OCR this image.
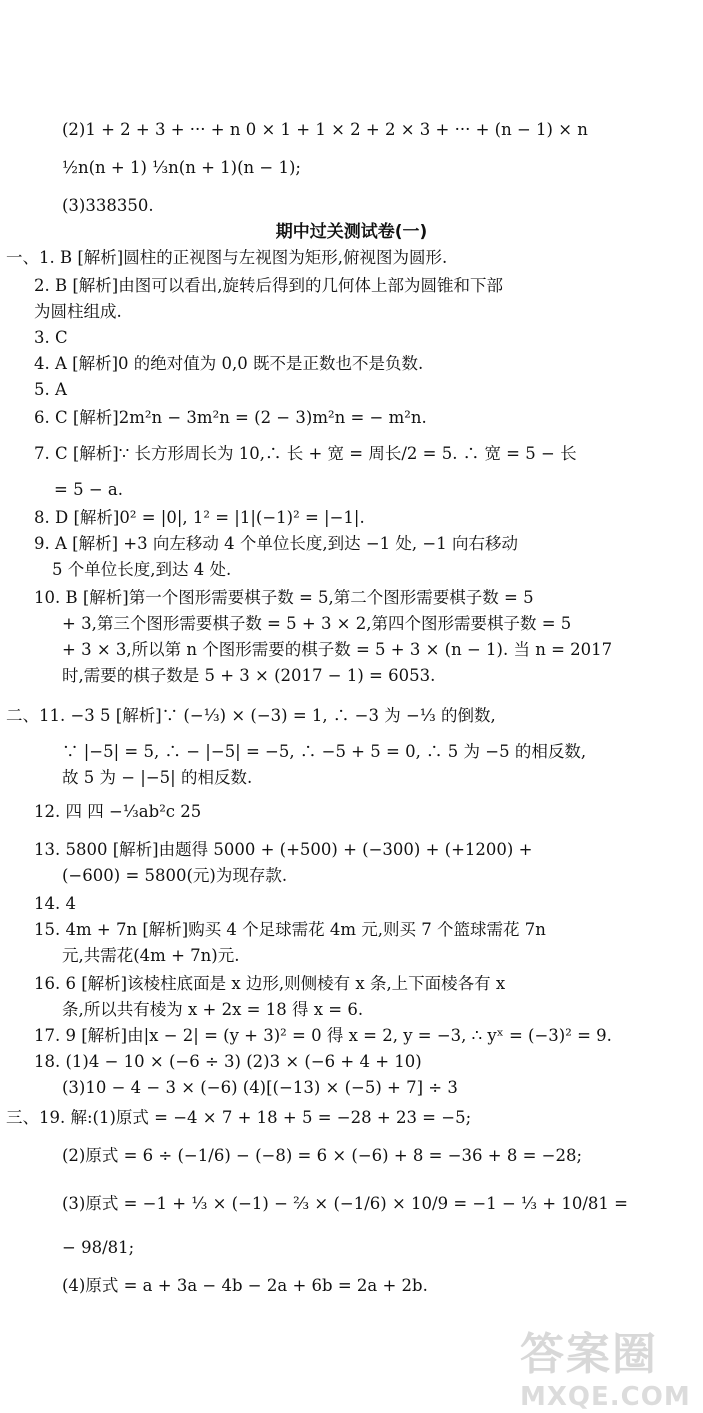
(2)1 + 2 + 3 + ··· + n 0 × 1 + 1 × 2 + 2 × 3 + ··· + (n − 1) × n
½n(n + 1) ⅓n(n + 1)(n − 1);
(3)338350.
期中过关测试卷(一)
一、1. B [解析]圆柱的正视图与左视图为矩形,俯视图为圆形.
2. B [解析]由图可以看出,旋转后得到的几何体上部为圆锥和下部
为圆柱组成.
3. C
4. A [解析]0 的绝对值为 0,0 既不是正数也不是负数.
5. A
6. C [解析]2m²n − 3m²n = (2 − 3)m²n = − m²n.
7. C [解析]∵ 长方形周长为 10,∴ 长 + 宽 = 周长/2 = 5. ∴ 宽 = 5 − 长
= 5 − a.
8. D [解析]0² = |0|, 1² = |1|(−1)² = |−1|.
9. A [解析] +3 向左移动 4 个单位长度,到达 −1 处, −1 向右移动
5 个单位长度,到达 4 处.
10. B [解析]第一个图形需要棋子数 = 5,第二个图形需要棋子数 = 5
+ 3,第三个图形需要棋子数 = 5 + 3 × 2,第四个图形需要棋子数 = 5
+ 3 × 3,所以第 n 个图形需要的棋子数 = 5 + 3 × (n − 1). 当 n = 2017
时,需要的棋子数是 5 + 3 × (2017 − 1) = 6053.
二、11. −3 5 [解析]∵ (−⅓) × (−3) = 1, ∴ −3 为 −⅓ 的倒数,
∵ |−5| = 5, ∴ − |−5| = −5, ∴ −5 + 5 = 0, ∴ 5 为 −5 的相反数,
故 5 为 − |−5| 的相反数.
12. 四 四 −⅓ab²c 25
13. 5800 [解析]由题得 5000 + (+500) + (−300) + (+1200) +
(−600) = 5800(元)为现存款.
14. 4
15. 4m + 7n [解析]购买 4 个足球需花 4m 元,则买 7 个篮球需花 7n
元,共需花(4m + 7n)元.
16. 6 [解析]该棱柱底面是 x 边形,则侧棱有 x 条,上下面棱各有 x
条,所以共有棱为 x + 2x = 18 得 x = 6.
17. 9 [解析]由|x − 2| = (y + 3)² = 0 得 x = 2, y = −3, ∴ yˣ = (−3)² = 9.
18. (1)4 − 10 × (−6 ÷ 3) (2)3 × (−6 + 4 + 10)
(3)10 − 4 − 3 × (−6) (4)[(−13) × (−5) + 7] ÷ 3
三、19. 解:(1)原式 = −4 × 7 + 18 + 5 = −28 + 23 = −5;
(2)原式 = 6 ÷ (−1/6) − (−8) = 6 × (−6) + 8 = −36 + 8 = −28;
(3)原式 = −1 + ⅓ × (−1) − ⅔ × (−1/6) × 10/9 = −1 − ⅓ + 10/81 =
− 98/81;
(4)原式 = a + 3a − 4b − 2a + 6b = 2a + 2b.
答案圈
MXQE.COM
